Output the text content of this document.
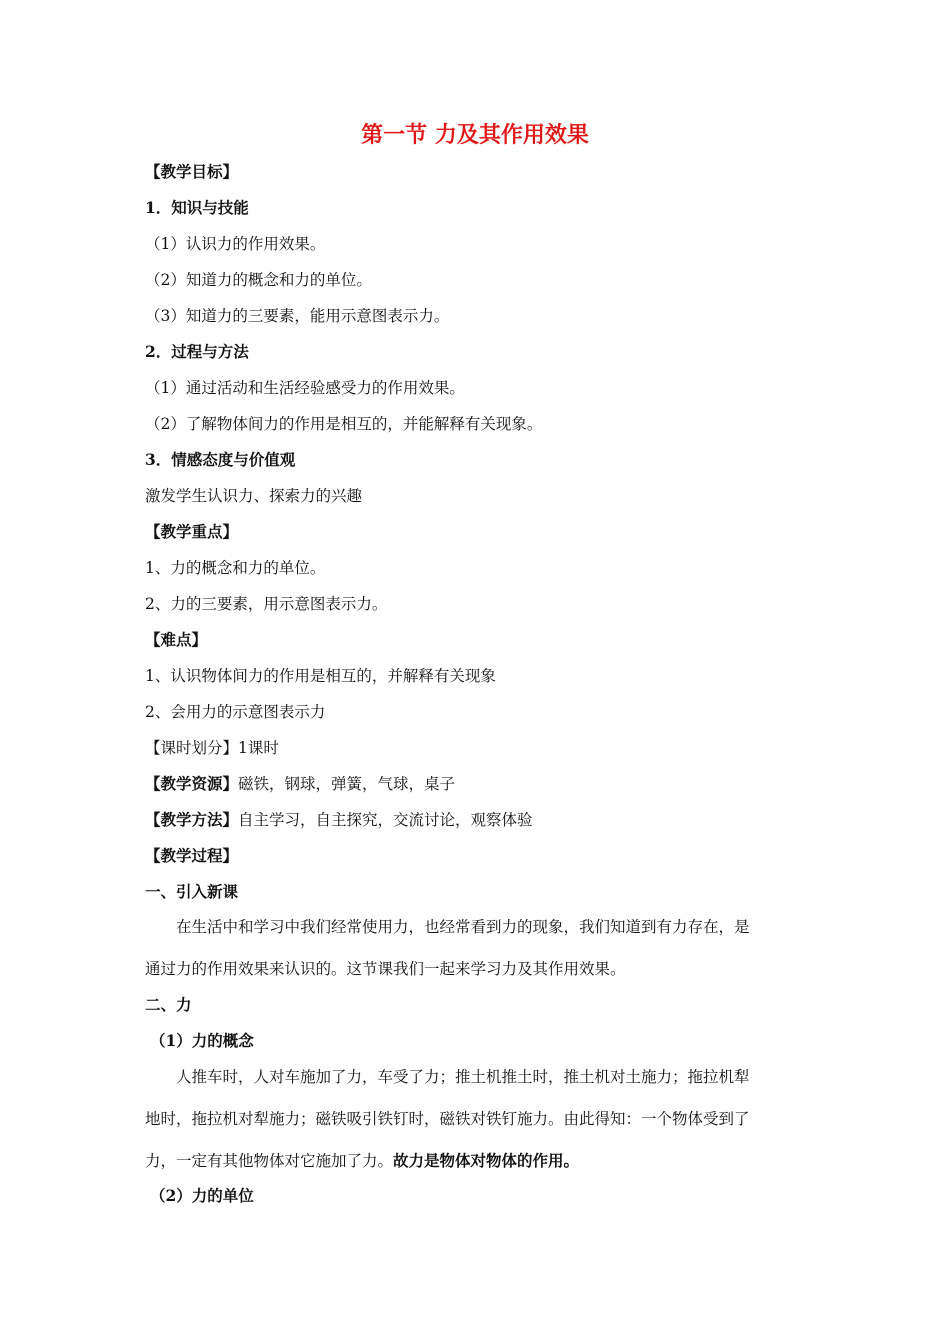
第一节 力及其作用效果
【教学目标】
1．知识与技能
（1）认识力的作用效果。
（2）知道力的概念和力的单位。
（3）知道力的三要素，能用示意图表示力。
2．过程与方法
（1）通过活动和生活经验感受力的作用效果。
（2）了解物体间力的作用是相互的，并能解释有关现象。
3．情感态度与价值观
激发学生认识力、探索力的兴趣
【教学重点】
1、力的概念和力的单位。
2、力的三要素，用示意图表示力。
【难点】
1、认识物体间力的作用是相互的，并解释有关现象
2、会用力的示意图表示力
【课时划分】1课时
【教学资源】磁铁，钢球，弹簧，气球，桌子
【教学方法】自主学习，自主探究，交流讨论，观察体验
【教学过程】
一、引入新课
在生活中和学习中我们经常使用力，也经常看到力的现象，我们知道到有力存在，是
通过力的作用效果来认识的。这节课我们一起来学习力及其作用效果。
二、力
（1）力的概念
人推车时，人对车施加了力，车受了力；推土机推土时，推土机对土施力；拖拉机犁
地时，拖拉机对犁施力；磁铁吸引铁钉时，磁铁对铁钉施力。由此得知：一个物体受到了
力，一定有其他物体对它施加了力。故力是物体对物体的作用。
（2）力的单位
